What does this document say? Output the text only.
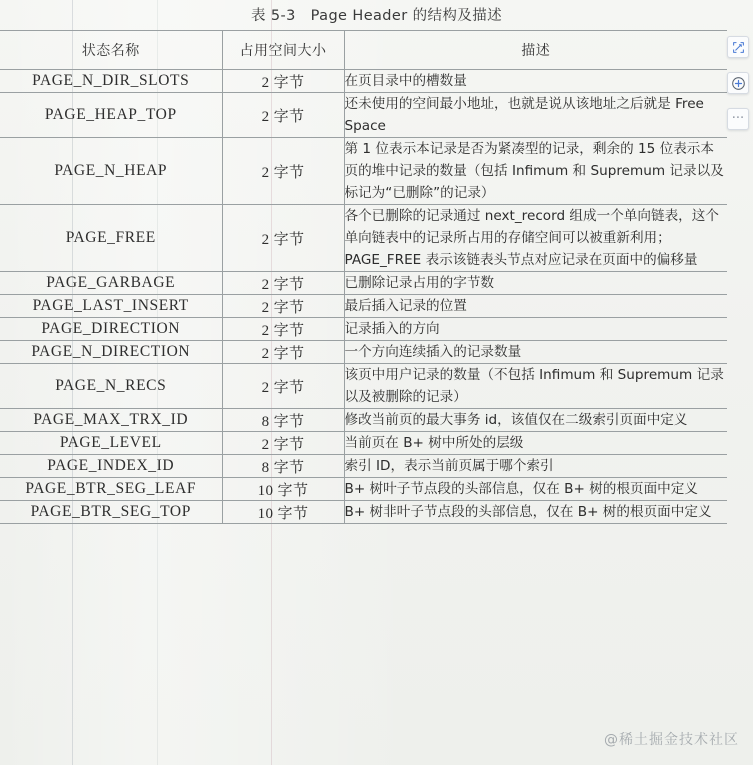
表 5-3　Page Header 的结构及描述
状态名称	占用空间大小	描述
PAGE_N_DIR_SLOTS	2 字节	在页目录中的槽数量
PAGE_HEAP_TOP	2 字节	还未使用的空间最小地址，也就是说从该地址之后就是 Free Space
PAGE_N_HEAP	2 字节	第 1 位表示本记录是否为紧凑型的记录，剩余的 15 位表示本页的堆中记录的数量（包括 Infimum 和 Supremum 记录以及标记为“已删除”的记录）
PAGE_FREE	2 字节	各个已删除的记录通过 next_record 组成一个单向链表，这个单向链表中的记录所占用的存储空间可以被重新利用；PAGE_FREE 表示该链表头节点对应记录在页面中的偏移量
PAGE_GARBAGE	2 字节	已删除记录占用的字节数
PAGE_LAST_INSERT	2 字节	最后插入记录的位置
PAGE_DIRECTION	2 字节	记录插入的方向
PAGE_N_DIRECTION	2 字节	一个方向连续插入的记录数量
PAGE_N_RECS	2 字节	该页中用户记录的数量（不包括 Infimum 和 Supremum 记录以及被删除的记录）
PAGE_MAX_TRX_ID	8 字节	修改当前页的最大事务 id，该值仅在二级索引页面中定义
PAGE_LEVEL	2 字节	当前页在 B+ 树中所处的层级
PAGE_INDEX_ID	8 字节	索引 ID，表示当前页属于哪个索引
PAGE_BTR_SEG_LEAF	10 字节	B+ 树叶子节点段的头部信息，仅在 B+ 树的根页面中定义
PAGE_BTR_SEG_TOP	10 字节	B+ 树非叶子节点段的头部信息，仅在 B+ 树的根页面中定义
···
@稀土掘金技术社区
